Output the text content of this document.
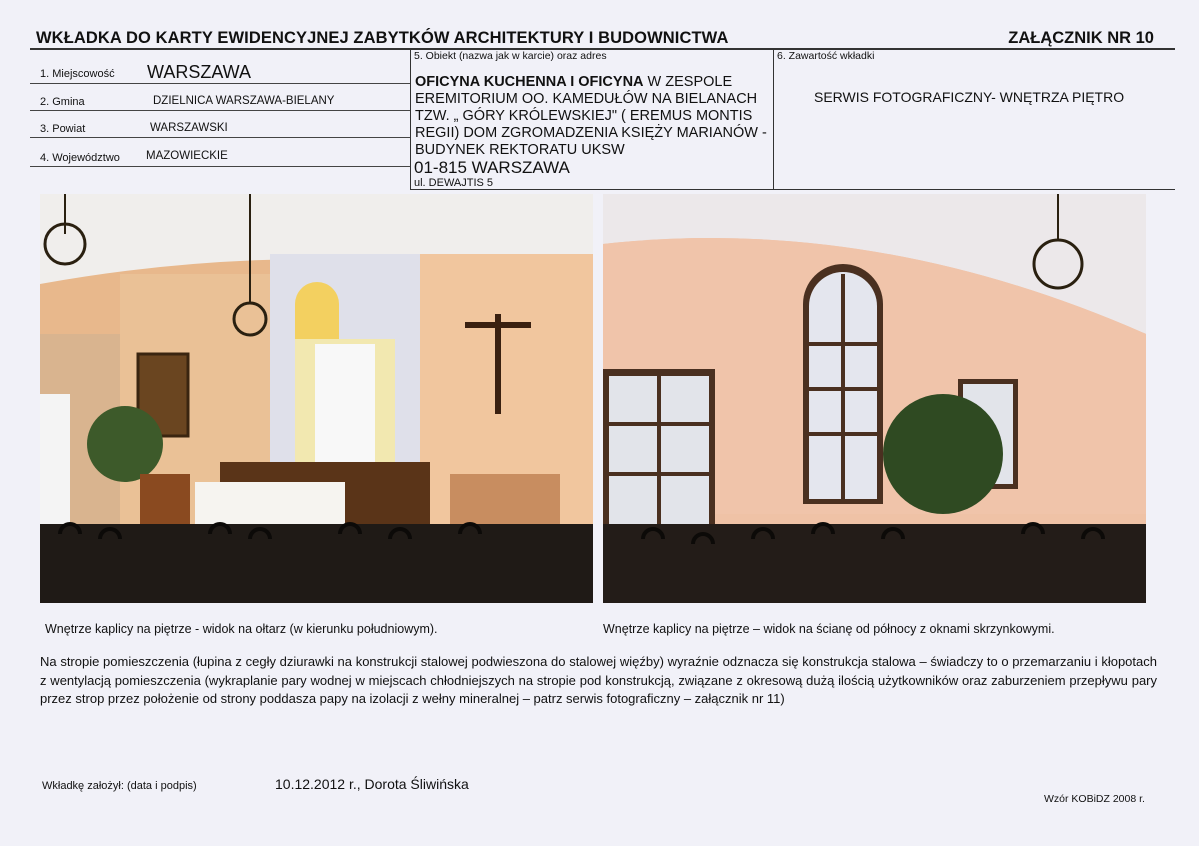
WKŁADKA DO KARTY EWIDENCYJNEJ ZABYTKÓW ARCHITEKTURY I BUDOWNICTWA	ZAŁĄCZNIK NR 10
1. Miejscowość WARSZAWA
2. Gmina	DZIELNICA WARSZAWA-BIELANY
3. Powiat	WARSZAWSKI
4. Województwo MAZOWIECKIE
5. Obiekt (nazwa jak w karcie) oraz adres
OFICYNA KUCHENNA I OFICYNA W ZESPOLE EREMITORIUM OO. KAMEDUŁÓW NA BIELANACH TZW. „ GÓRY KRÓLEWSKIEJ" ( EREMUS MONTIS REGII) DOM ZGROMADZENIA KSIĘŻY MARIANÓW - BUDYNEK REKTORATU UKSW
01-815 WARSZAWA
ul. DEWAJTIS 5
6. Zawartość wkładki
SERWIS FOTOGRAFICZNY- WNĘTRZA PIĘTRO
Wnętrze kaplicy na piętrze - widok na ołtarz (w kierunku południowym).	Wnętrze kaplicy na piętrze – widok na ścianę od północy z oknami skrzynkowymi.
Na stropie pomieszczenia (łupina z cegły dziurawki na konstrukcji stalowej podwieszona do stalowej więźby) wyraźnie odznacza się konstrukcja stalowa – świadczy to o przemarzaniu i kłopotach z wentylacją pomieszczenia (wykraplanie pary wodnej w miejscach chłodniejszych na stropie pod konstrukcją, związane z okresową dużą ilością użytkowników oraz zaburzeniem przepływu pary przez strop przez położenie od strony poddasza papy na izolacji z wełny mineralnej – patrz serwis fotograficzny – załącznik nr 11)
Wkładkę założył: (data i podpis)	10.12.2012 r., Dorota Śliwińska
Wzór KOBiDZ 2008 r.
